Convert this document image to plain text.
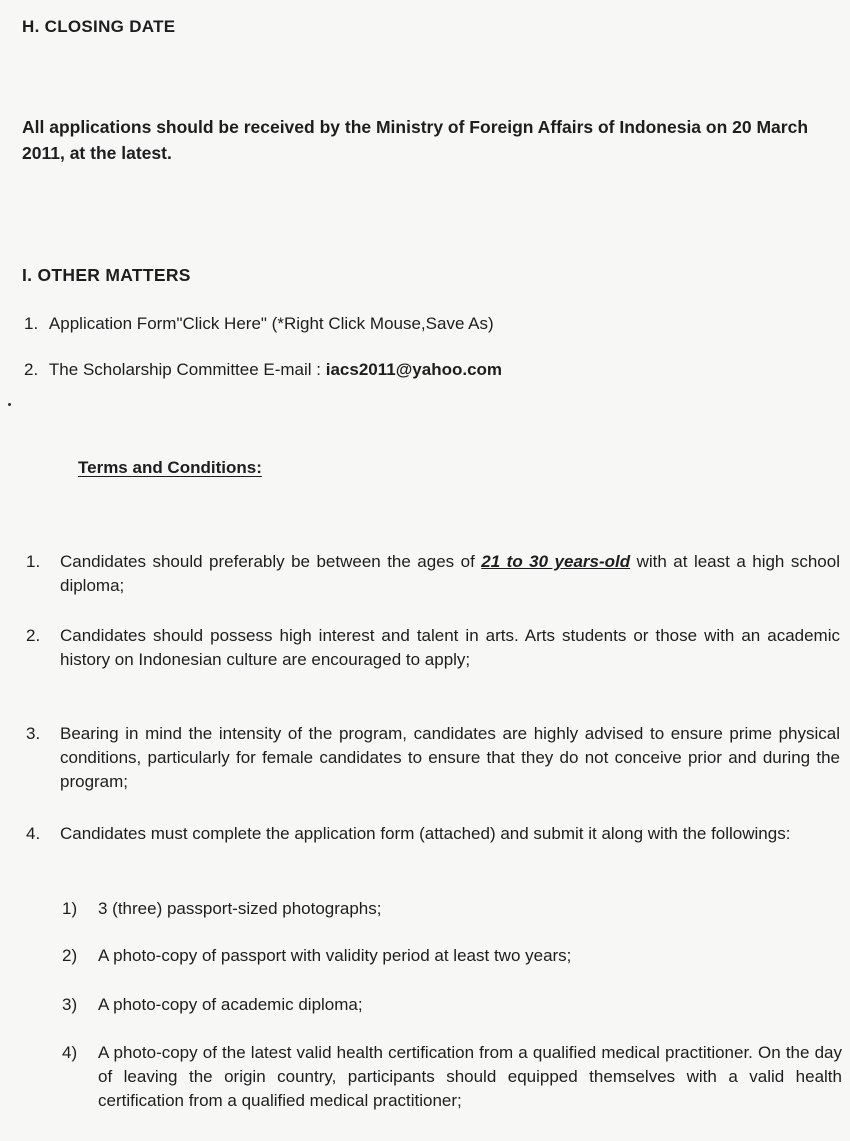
H. CLOSING DATE
All applications should be received by the Ministry of Foreign Affairs of Indonesia on 20 March 2011, at the latest.
I. OTHER MATTERS
1. Application Form"Click Here" (*Right Click Mouse,Save As)
2. The Scholarship Committee E-mail : iacs2011@yahoo.com
Terms and Conditions:
1.	Candidates should preferably be between the ages of 21 to 30 years-old with at least a high school diploma;
2.	Candidates should possess high interest and talent in arts. Arts students or those with an academic history on Indonesian culture are encouraged to apply;
3.	Bearing in mind the intensity of the program, candidates are highly advised to ensure prime physical conditions, particularly for female candidates to ensure that they do not conceive prior and during the program;
4.	Candidates must complete the application form (attached) and submit it along with the followings:
1)	3 (three) passport-sized photographs;
2)	A photo-copy of passport with validity period at least two years;
3)	A photo-copy of academic diploma;
4)	A photo-copy of the latest valid health certification from a qualified medical practitioner. On the day of leaving the origin country, participants should equipped themselves with a valid health certification from a qualified medical practitioner;
